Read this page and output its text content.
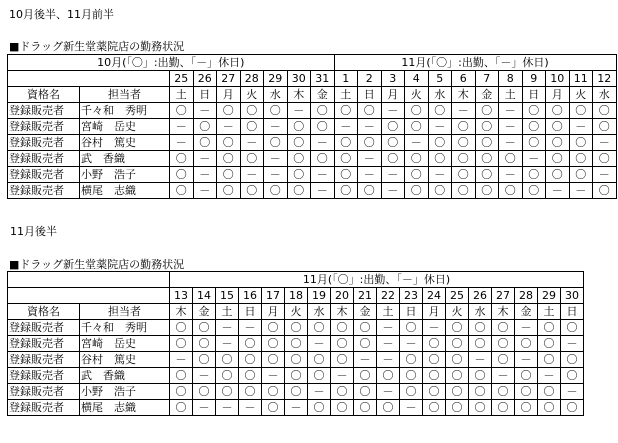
10月後半、11月前半
■ドラッグ新生堂薬院店の勤務状況
10月(「〇」:出勤、「－」休日)									11月(「〇」:出勤、「－」休日)											
		25	26	27	28	29	30	31	1	2	3	4	5	6	7	8	9	10	11	12
資格名	担当者	土	日	月	火	水	木	金	土	日	月	火	水	木	金	土	日	月	火	水
登録販売者	千々和　秀明	〇	－	〇	〇	〇	－	〇	〇	〇	－	〇	〇	－	〇	－	〇	〇	〇	〇
登録販売者	宮崎　岳史	－	〇	－	〇	－	〇	〇	－	－	〇	〇	－	〇	〇	－	〇	〇	－	〇
登録販売者	谷村　篤史	－	〇	〇	－	〇	〇	－	〇	〇	〇	－	〇	〇	〇	－	〇	〇	〇	－
登録販売者	武　香織	〇	－	〇	〇	－	〇	〇	〇	－	〇	〇	〇	〇	〇	〇	－	〇	〇	〇
登録販売者	小野　浩子	〇	－	〇	－	－	〇	－	〇	－	－	〇	－	〇	〇	－	〇	〇	〇	－
登録販売者	横尾　志織	〇	－	〇	〇	〇	〇	－	〇	〇	－	〇	〇	〇	〇	〇	〇	－	－	〇
11月後半
■ドラッグ新生堂薬院店の勤務状況
		11月(「〇」:出勤、「－」休日)																	
		13	14	15	16	17	18	19	20	21	22	23	24	25	26	27	28	29	30
資格名	担当者	木	金	土	日	月	火	水	木	金	土	日	月	火	水	木	金	土	日
登録販売者	千々和　秀明	〇	〇	－	－	〇	〇	〇	〇	〇	－	〇	－	〇	〇	〇	－	〇	〇
登録販売者	宮崎　岳史	〇	〇	－	〇	〇	〇	－	〇	〇	－	－	〇	〇	〇	〇	〇	〇	－
登録販売者	谷村　篤史	－	〇	〇	〇	〇	〇	〇	〇	－	－	〇	〇	〇	－	〇	－	〇	〇
登録販売者	武　香織	〇	－	〇	〇	－	〇	〇	－	〇	〇	〇	〇	〇	〇	－	〇	－	〇
登録販売者	小野　浩子	〇	〇	〇	〇	〇	〇	－	〇	〇	－	〇	〇	〇	〇	〇	〇	〇	－
登録販売者	横尾　志織	〇	－	－	－	〇	－	〇	〇	〇	〇	－	〇	〇	〇	〇	〇	〇	〇
